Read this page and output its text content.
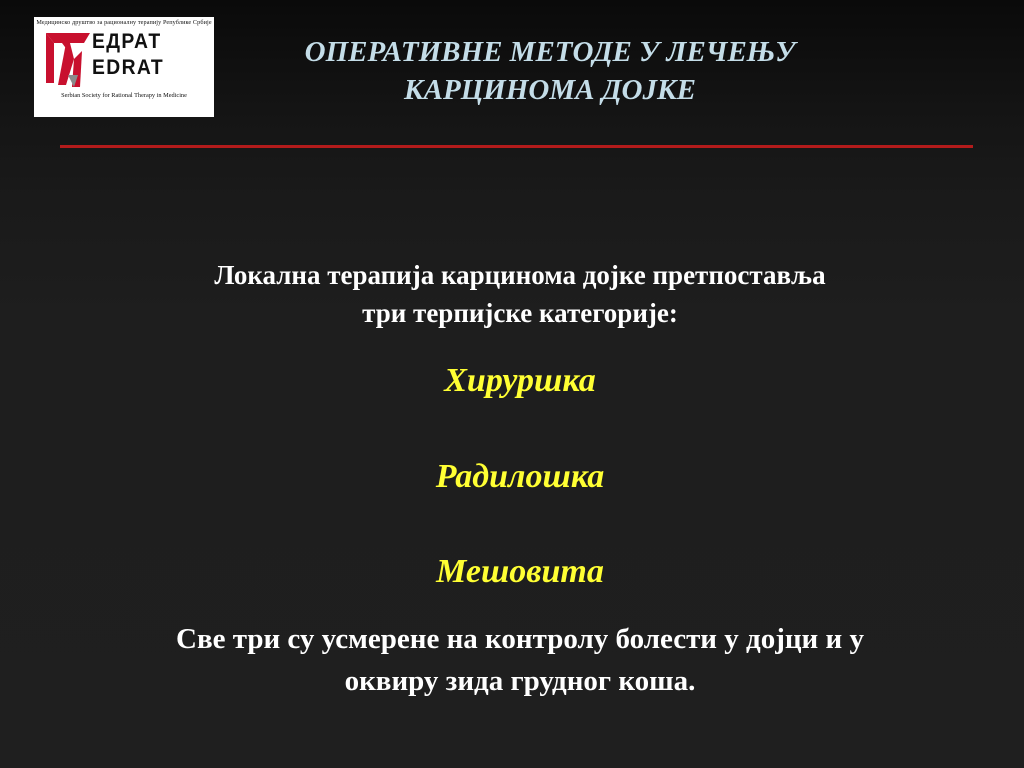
Медицинско друштво за рационалну терапију Републике Србије
ЕДРАТ
EDRAT
Serbian Society for Rational Therapy in Medicine
ОПЕРАТИВНЕ МЕТОДЕ У ЛЕЧЕЊУ
КАРЦИНОМА ДОЈКЕ
Локална терапија карцинома дојке претпоставља
три терпијске категорије:
Хируршка
Радилошка
Мешовита
Све три су усмерене на контролу болести у дојци и у
оквиру зида грудног коша.
